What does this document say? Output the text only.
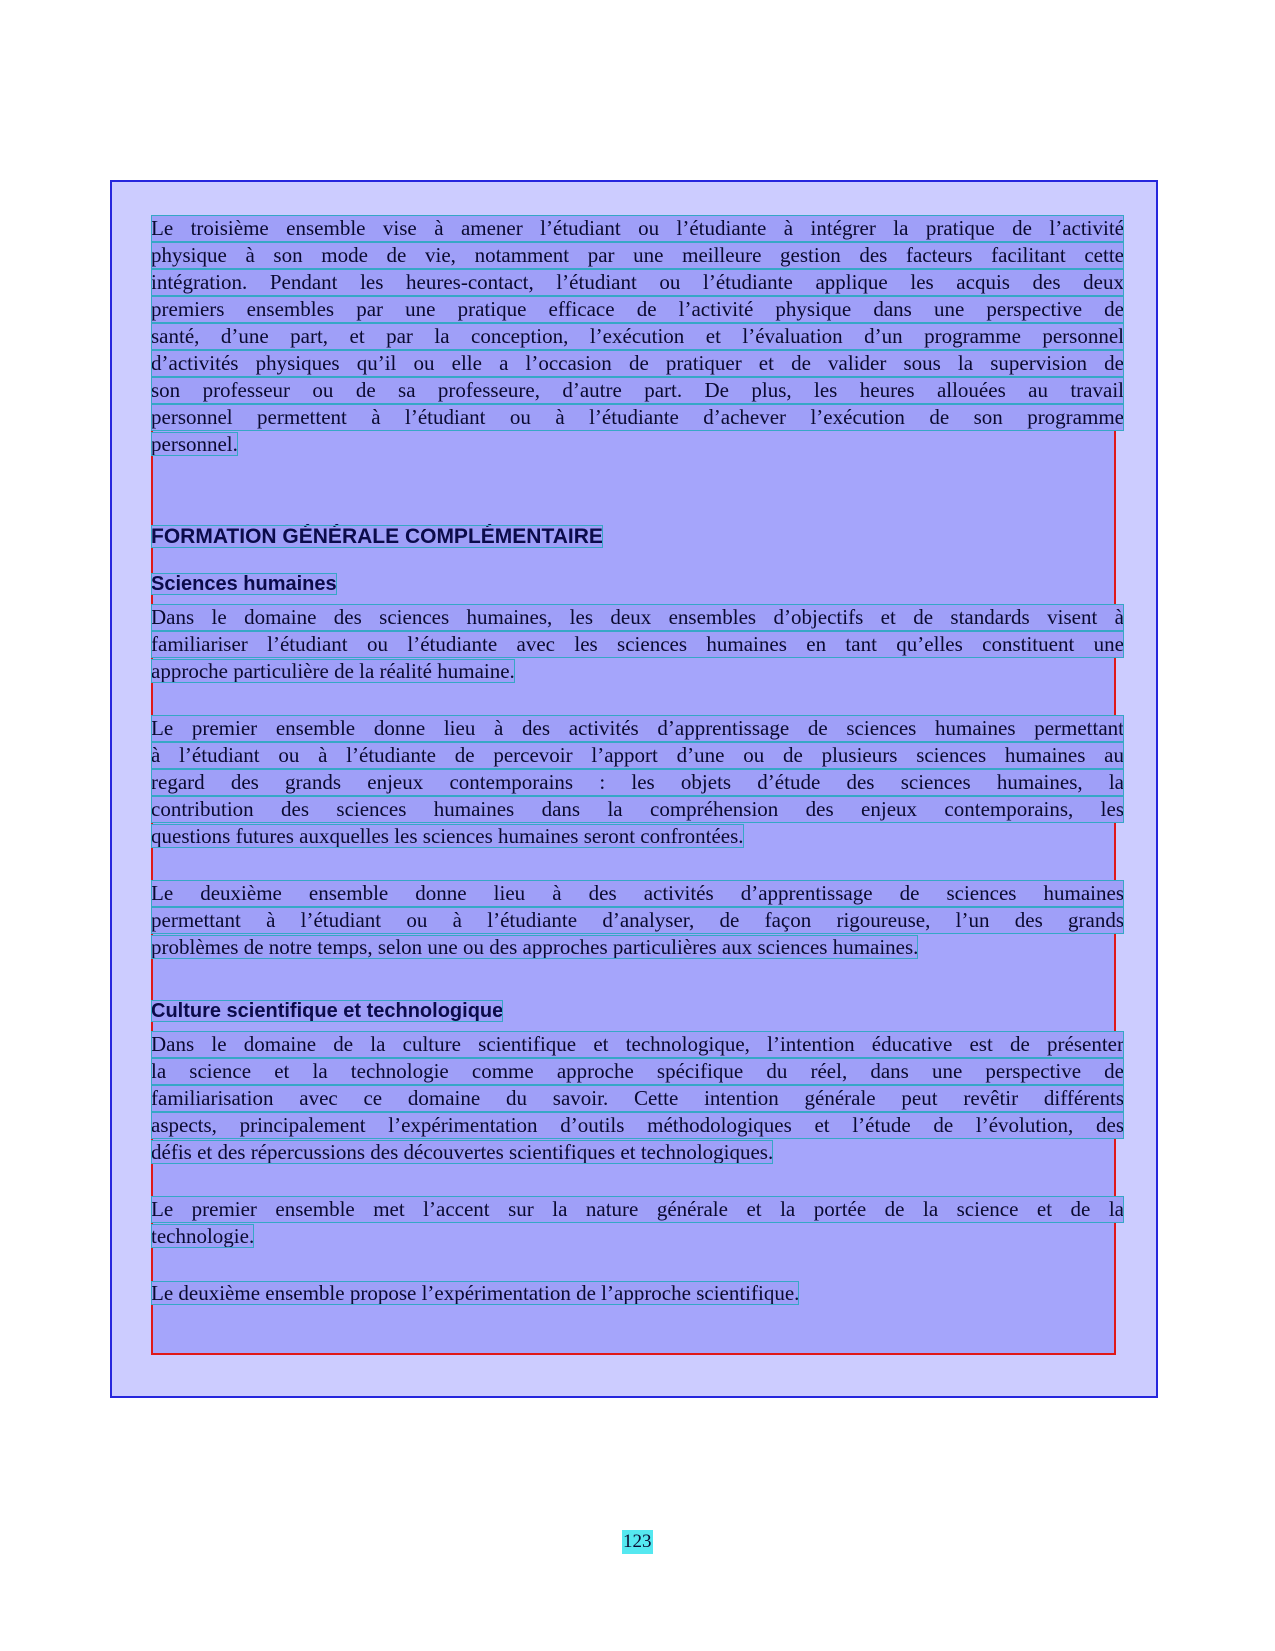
Le troisième ensemble vise à amener l’étudiant ou l’étudiante à intégrer la pratique de l’activité
physique à son mode de vie, notamment par une meilleure gestion des facteurs facilitant cette
intégration. Pendant les heures-contact, l’étudiant ou l’étudiante applique les acquis des deux
premiers ensembles par une pratique efficace de l’activité physique dans une perspective de
santé, d’une part, et par la conception, l’exécution et l’évaluation d’un programme personnel
d’activités physiques qu’il ou elle a l’occasion de pratiquer et de valider sous la supervision de
son professeur ou de sa professeure, d’autre part. De plus, les heures allouées au travail
personnel permettent à l’étudiant ou à l’étudiante d’achever l’exécution de son programme
personnel.
FORMATION GÉNÉRALE COMPLÉMENTAIRE
Sciences humaines
Dans le domaine des sciences humaines, les deux ensembles d’objectifs et de standards visent à
familiariser l’étudiant ou l’étudiante avec les sciences humaines en tant qu’elles constituent une
approche particulière de la réalité humaine.
Le premier ensemble donne lieu à des activités d’apprentissage de sciences humaines permettant
à l’étudiant ou à l’étudiante de percevoir l’apport d’une ou de plusieurs sciences humaines au
regard des grands enjeux contemporains : les objets d’étude des sciences humaines, la
contribution des sciences humaines dans la compréhension des enjeux contemporains, les
questions futures auxquelles les sciences humaines seront confrontées.
Le deuxième ensemble donne lieu à des activités d’apprentissage de sciences humaines
permettant à l’étudiant ou à l’étudiante d’analyser, de façon rigoureuse, l’un des grands
problèmes de notre temps, selon une ou des approches particulières aux sciences humaines.
Culture scientifique et technologique
Dans le domaine de la culture scientifique et technologique, l’intention éducative est de présenter
la science et la technologie comme approche spécifique du réel, dans une perspective de
familiarisation avec ce domaine du savoir. Cette intention générale peut revêtir différents
aspects, principalement l’expérimentation d’outils méthodologiques et l’étude de l’évolution, des
défis et des répercussions des découvertes scientifiques et technologiques.
Le premier ensemble met l’accent sur la nature générale et la portée de la science et de la
technologie.
Le deuxième ensemble propose l’expérimentation de l’approche scientifique.
123
